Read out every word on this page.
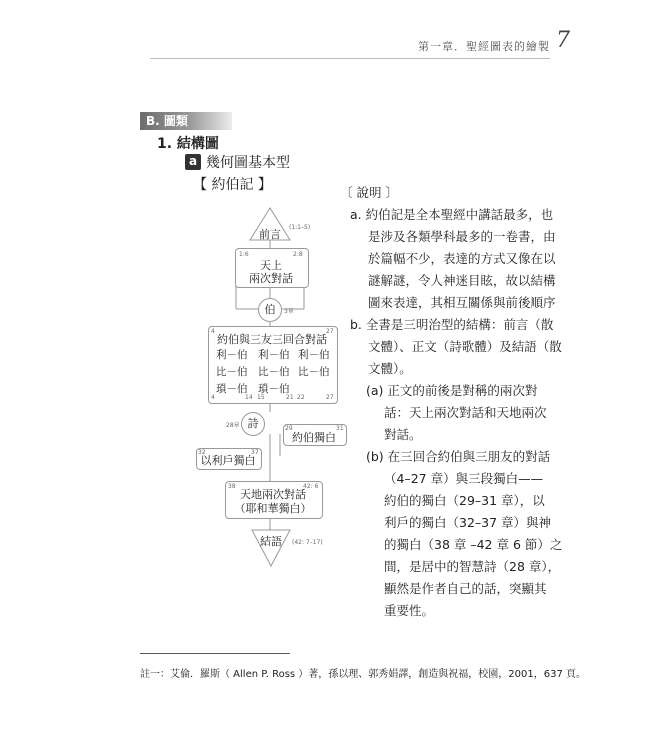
第一章．聖經圖表的繪製 7
B. 圖類
1. 結構圖
a 幾何圖基本型
【 約伯記 】
前言
(1:1–5)
1:6	2:8
天上
兩次對話
伯	3章
4	27
約伯與三友三回合對話
利－伯 利－伯 利－伯
比－伯 比－伯 比－伯
瑣－伯 瑣－伯
4	14 15	21 22	27
詩
28章	29	31
約伯獨白
32	37
以利戶獨白
38	42: 6
天地兩次對話
（耶和華獨白）
結語	(42: 7–17)
〔 說明 〕
a. 約伯記是全本聖經中講話最多，也
是涉及各類學科最多的一卷書，由
於篇幅不少，表達的方式又像在以
謎解謎，令人神迷目眩，故以結構
圖來表達，其相互關係與前後順序
b. 全書是三明治型的結構：前言（散
文體）、正文（詩歌體）及結語（散
文體）。
(a) 正文的前後是對稱的兩次對
話：天上兩次對話和天地兩次
對話。
(b) 在三回合約伯與三朋友的對話
（4–27 章）與三段獨白——
約伯的獨白（29–31 章），以
利戶的獨白（32–37 章）與神
的獨白（38 章 –42 章 6 節）之
間，是居中的智慧詩（28 章），
顯然是作者自己的話，突顯其
重要性。
註一：艾倫．羅斯（ Allen P. Ross ）著，孫以理、郭秀娟譯，創造與祝福，校園，2001，637 頁。
